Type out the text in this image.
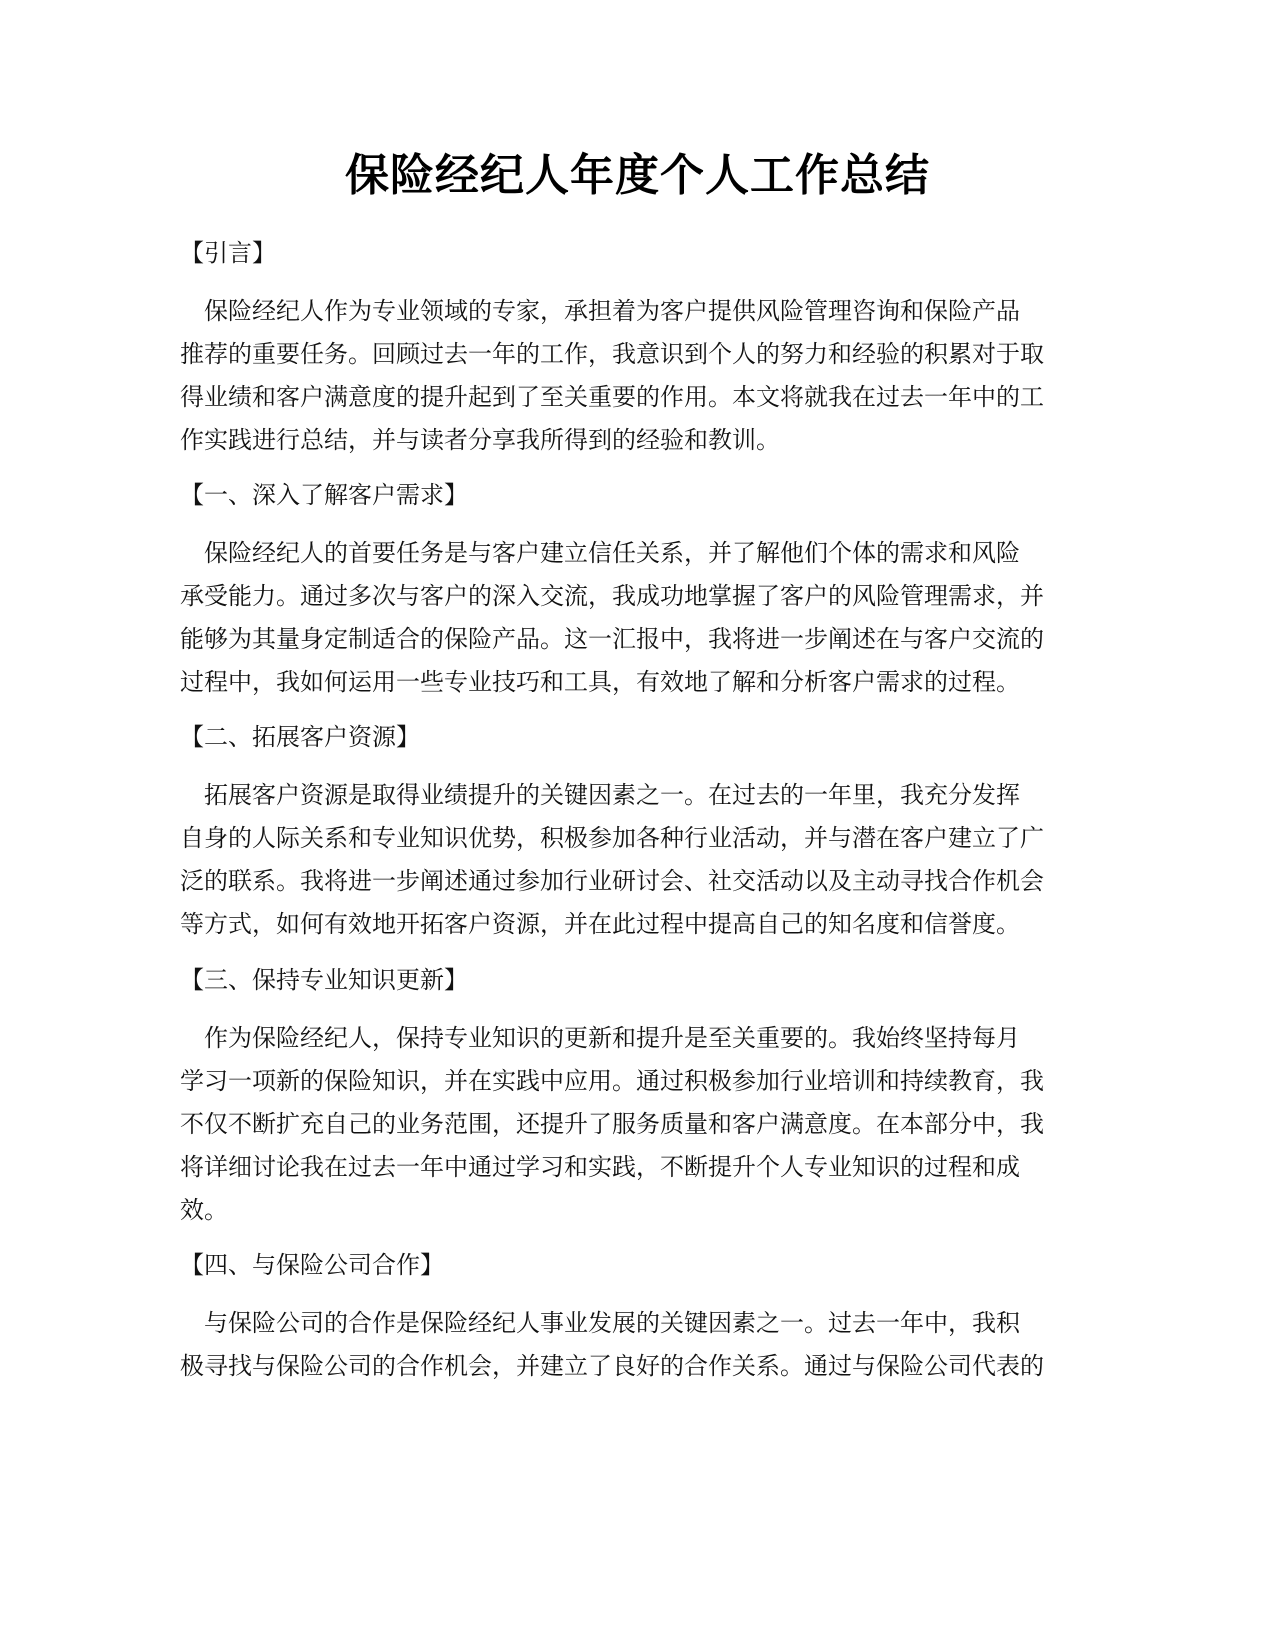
保险经纪人年度个人工作总结
【引言】
　保险经纪人作为专业领域的专家，承担着为客户提供风险管理咨询和保险产品
推荐的重要任务。回顾过去一年的工作，我意识到个人的努力和经验的积累对于取
得业绩和客户满意度的提升起到了至关重要的作用。本文将就我在过去一年中的工
作实践进行总结，并与读者分享我所得到的经验和教训。
【一、深入了解客户需求】
　保险经纪人的首要任务是与客户建立信任关系，并了解他们个体的需求和风险
承受能力。通过多次与客户的深入交流，我成功地掌握了客户的风险管理需求，并
能够为其量身定制适合的保险产品。这一汇报中，我将进一步阐述在与客户交流的
过程中，我如何运用一些专业技巧和工具，有效地了解和分析客户需求的过程。
【二、拓展客户资源】
　拓展客户资源是取得业绩提升的关键因素之一。在过去的一年里，我充分发挥
自身的人际关系和专业知识优势，积极参加各种行业活动，并与潜在客户建立了广
泛的联系。我将进一步阐述通过参加行业研讨会、社交活动以及主动寻找合作机会
等方式，如何有效地开拓客户资源，并在此过程中提高自己的知名度和信誉度。
【三、保持专业知识更新】
　作为保险经纪人，保持专业知识的更新和提升是至关重要的。我始终坚持每月
学习一项新的保险知识，并在实践中应用。通过积极参加行业培训和持续教育，我
不仅不断扩充自己的业务范围，还提升了服务质量和客户满意度。在本部分中，我
将详细讨论我在过去一年中通过学习和实践，不断提升个人专业知识的过程和成
效。
【四、与保险公司合作】
　与保险公司的合作是保险经纪人事业发展的关键因素之一。过去一年中，我积
极寻找与保险公司的合作机会，并建立了良好的合作关系。通过与保险公司代表的
